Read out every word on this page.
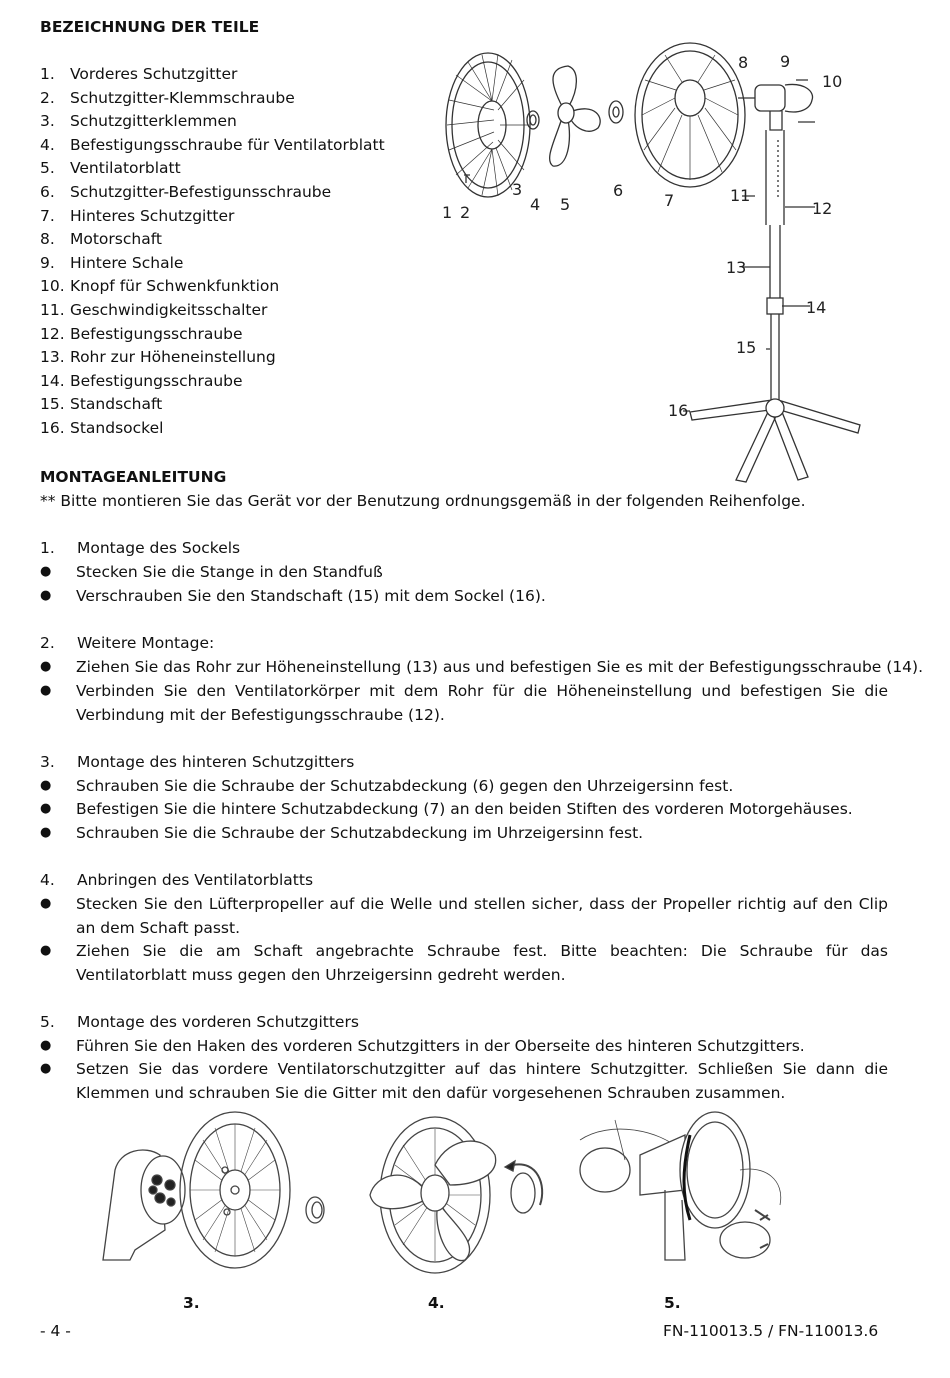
BEZEICHNUNG DER TEILE
1. Vorderes Schutzgitter
2. Schutzgitter-Klemmschraube
3. Schutzgitterklemmen
4. Befestigungsschraube für Ventilatorblatt
5. Ventilatorblatt
6. Schutzgitter-Befestigunsschraube
7. Hinteres Schutzgitter
8. Motorschaft
9. Hintere Schale
10. Knopf für Schwenkfunktion
11. Geschwindigkeitsschalter
12. Befestigungsschraube
13. Rohr zur Höheneinstellung
14. Befestigungsschraube
15. Standschaft
16. Standsockel
1 2
3
4 5
6
7
8 9
10
11
12
13
14
15
16
MONTAGEANLEITUNG
** Bitte montieren Sie das Gerät vor der Benutzung ordnungsgemäß in der folgenden Reihenfolge.
1. Montage des Sockels
● Stecken Sie die Stange in den Standfuß
● Verschrauben Sie den Standschaft (15) mit dem Sockel (16).
2. Weitere Montage:
● Ziehen Sie das Rohr zur Höheneinstellung (13) aus und befestigen Sie es mit der Befestigungsschraube (14).
● Verbinden Sie den Ventilatorkörper mit dem Rohr für die Höheneinstellung und befestigen Sie die Verbindung mit der Befestigungsschraube (12).
3. Montage des hinteren Schutzgitters
● Schrauben Sie die Schraube der Schutzabdeckung (6) gegen den Uhrzeigersinn fest.
● Befestigen Sie die hintere Schutzabdeckung (7) an den beiden Stiften des vorderen Motorgehäuses.
● Schrauben Sie die Schraube der Schutzabdeckung im Uhrzeigersinn fest.
4. Anbringen des Ventilatorblatts
● Stecken Sie den Lüfterpropeller auf die Welle und stellen sicher, dass der Propeller richtig auf den Clip an dem Schaft passt.
● Ziehen Sie die am Schaft angebrachte Schraube fest. Bitte beachten: Die Schraube für das Ventilatorblatt muss gegen den Uhrzeigersinn gedreht werden.
5. Montage des vorderen Schutzgitters
● Führen Sie den Haken des vorderen Schutzgitters in der Oberseite des hinteren Schutzgitters.
● Setzen Sie das vordere Ventilatorschutzgitter auf das hintere Schutzgitter. Schließen Sie dann die Klemmen und schrauben Sie die Gitter mit den dafür vorgesehenen Schrauben zusammen.
3.	4.	5.
- 4 -	FN-110013.5 / FN-110013.6
